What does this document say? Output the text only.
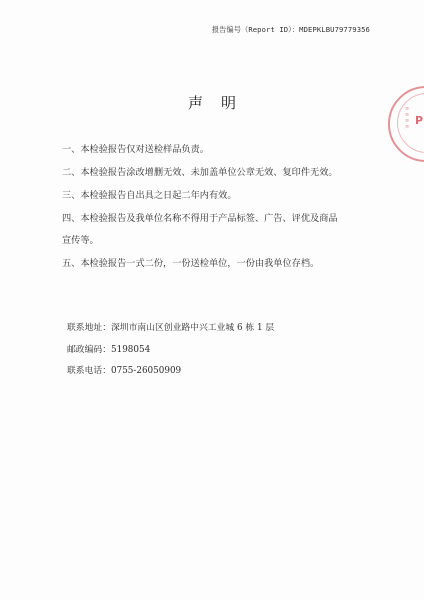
报告编号（Report ID）：MDEPKLBU79779356
声明
一、本检验报告仅对送检样品负责。
二、本检验报告涂改增删无效、未加盖单位公章无效、复印件无效。
三、本检验报告自出具之日起二年内有效。
四、本检验报告及我单位名称不得用于产品标签、广告、评优及商品
宣传等。
五、本检验报告一式二份，一份送检单位，一份由我单位存档。
联系地址：深圳市南山区创业路中兴工业城 6 栋 1 层
邮政编码：5198054
联系电话：0755-26050909
≡
≡
≡
≡ P
